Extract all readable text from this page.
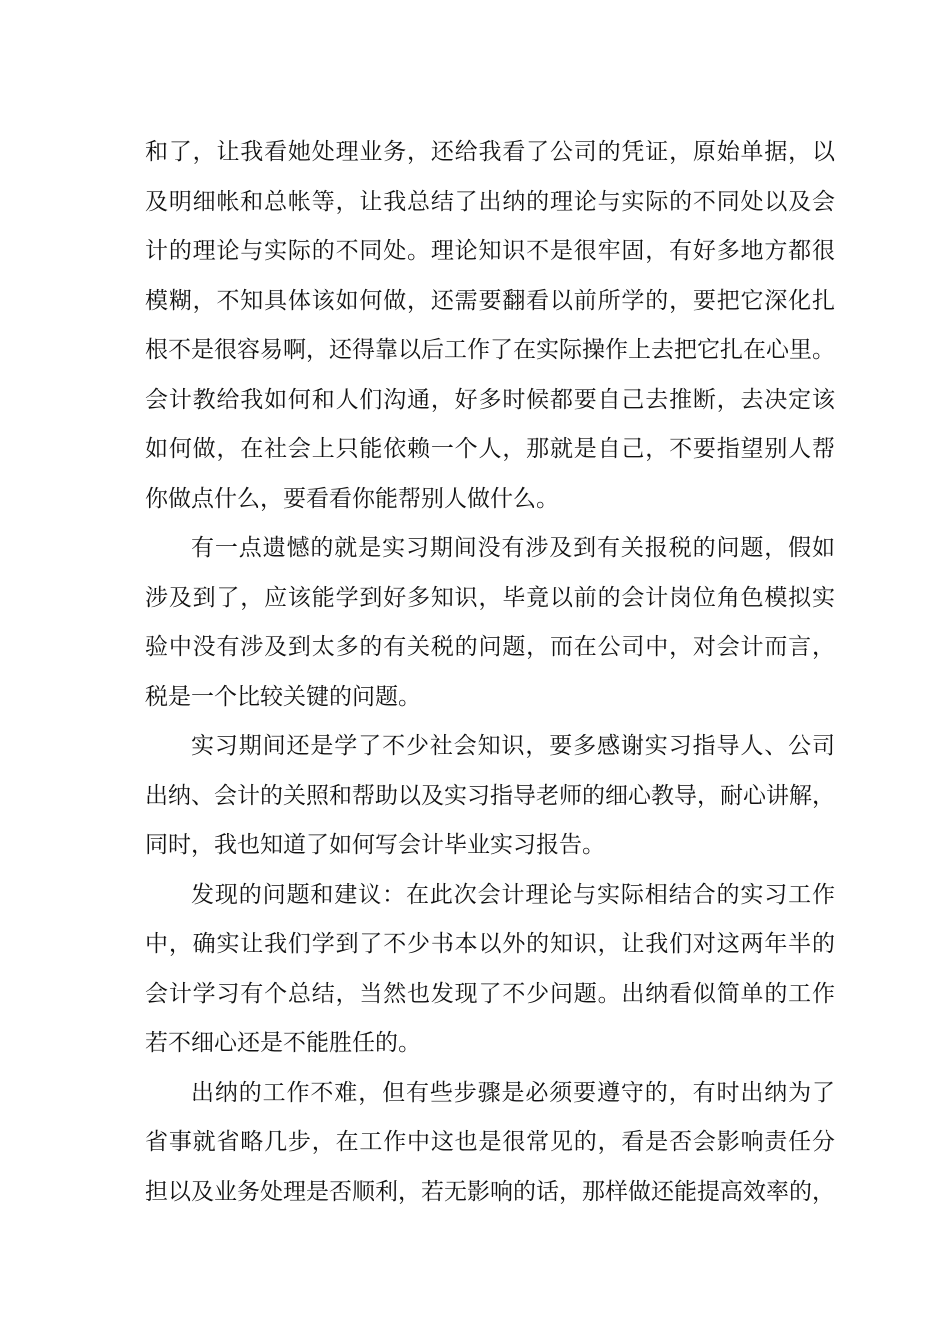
和了，让我看她处理业务，还给我看了公司的凭证，原始单据，以
及明细帐和总帐等，让我总结了出纳的理论与实际的不同处以及会
计的理论与实际的不同处。理论知识不是很牢固，有好多地方都很
模糊，不知具体该如何做，还需要翻看以前所学的，要把它深化扎
根不是很容易啊，还得靠以后工作了在实际操作上去把它扎在心里。
会计教给我如何和人们沟通，好多时候都要自己去推断，去决定该
如何做，在社会上只能依赖一个人，那就是自己，不要指望别人帮
你做点什么，要看看你能帮别人做什么。
有一点遗憾的就是实习期间没有涉及到有关报税的问题，假如
涉及到了，应该能学到好多知识，毕竟以前的会计岗位角色模拟实
验中没有涉及到太多的有关税的问题，而在公司中，对会计而言，
税是一个比较关键的问题。
实习期间还是学了不少社会知识，要多感谢实习指导人、公司
出纳、会计的关照和帮助以及实习指导老师的细心教导，耐心讲解，
同时，我也知道了如何写会计毕业实习报告。
发现的问题和建议：在此次会计理论与实际相结合的实习工作
中，确实让我们学到了不少书本以外的知识，让我们对这两年半的
会计学习有个总结，当然也发现了不少问题。出纳看似简单的工作
若不细心还是不能胜任的。
出纳的工作不难，但有些步骤是必须要遵守的，有时出纳为了
省事就省略几步，在工作中这也是很常见的，看是否会影响责任分
担以及业务处理是否顺利，若无影响的话，那样做还能提高效率的，
